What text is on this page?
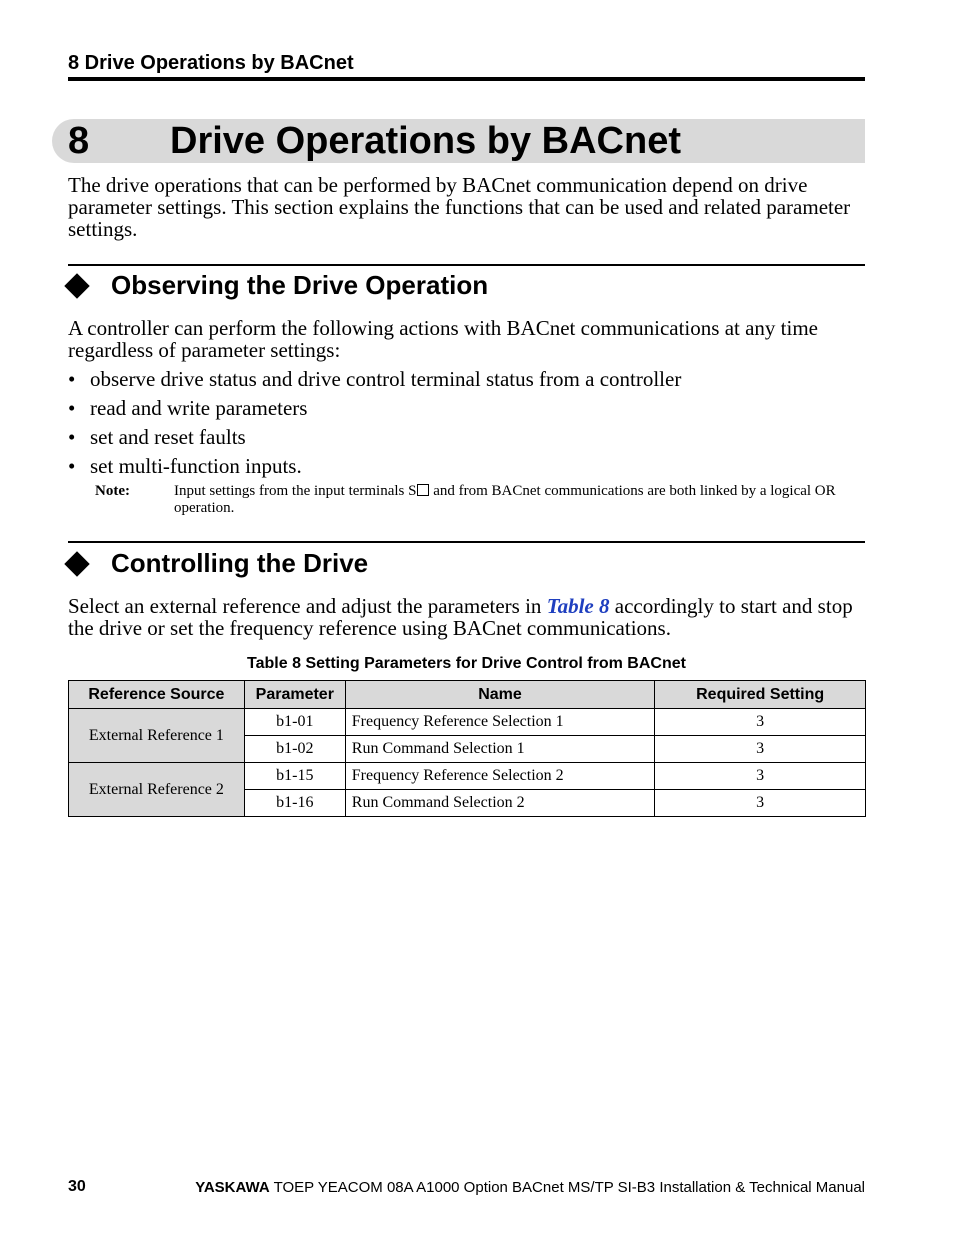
8 Drive Operations by BACnet
8 Drive Operations by BACnet
The drive operations that can be performed by BACnet communication depend on drive parameter settings. This section explains the functions that can be used and related parameter settings.
Observing the Drive Operation
A controller can perform the following actions with BACnet communications at any time regardless of parameter settings:
• observe drive status and drive control terminal status from a controller
• read and write parameters
• set and reset faults
• set multi-function inputs.
Note:	Input settings from the input terminals S and from BACnet communications are both linked by a logical OR operation.
Controlling the Drive
Select an external reference and adjust the parameters in Table 8 accordingly to start and stop the drive or set the frequency reference using BACnet communications.
Table 8 Setting Parameters for Drive Control from BACnet
Reference Source	Parameter	Name	Required Setting
External Reference 1	b1-01	Frequency Reference Selection 1	3
	b1-02	Run Command Selection 1	3
External Reference 2	b1-15	Frequency Reference Selection 2	3
	b1-16	Run Command Selection 2	3
30	YASKAWA TOEP YEACOM 08A A1000 Option BACnet MS/TP SI-B3 Installation & Technical Manual
